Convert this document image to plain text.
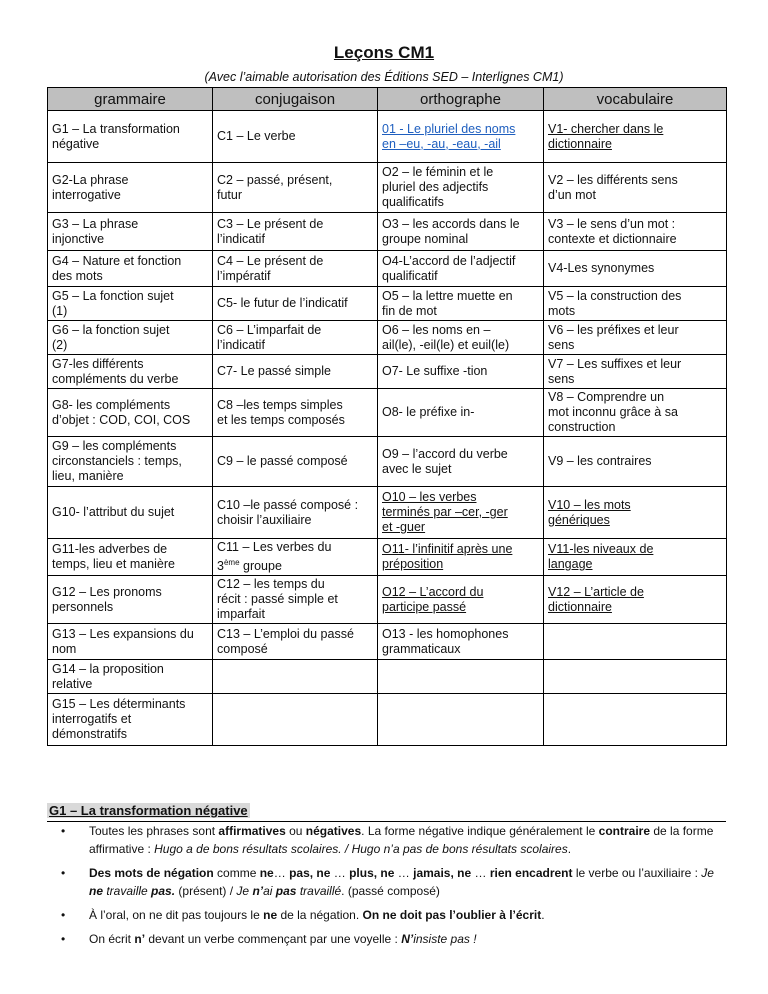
Leçons CM1
(Avec l’aimable autorisation des Éditions SED – Interlignes CM1)
grammaire	conjugaison	orthographe	vocabulaire

G1 – La transformation
négative	C1 – Le verbe	01 - Le pluriel des noms
en –eu, -au, -eau, -ail	V1- chercher dans le
dictionnaire

G2-La phrase
interrogative	C2 – passé, présent,
futur	O2 – le féminin et le
pluriel des adjectifs
qualificatifs	V2 – les différents sens
d’un mot

G3 – La phrase
injonctive	C3 – Le présent de
l’indicatif	O3 – les accords dans le
groupe nominal	V3 – le sens d’un mot :
contexte et dictionnaire

G4 – Nature et fonction
des mots	C4 – Le présent de
l’impératif	O4-L’accord de l’adjectif
qualificatif	V4-Les synonymes

G5 – La fonction sujet
(1)	C5- le futur de l’indicatif	O5 – la lettre muette en
fin de mot	V5 – la construction des
mots

G6 – la fonction sujet
(2)	C6 – L’imparfait de
l’indicatif	O6 – les noms en –
ail(le), -eil(le) et euil(le)	V6 – les préfixes et leur
sens

G7-les différents
compléments du verbe	C7- Le passé simple	O7- Le suffixe -tion	V7 – Les suffixes et leur
sens

G8- les compléments
d’objet : COD, COI, COS	C8 –les temps simples
et les temps composés	O8- le préfixe in-	V8 – Comprendre un
mot inconnu grâce à sa
construction

G9 – les compléments
circonstanciels : temps,
lieu, manière	C9 – le passé composé	O9 – l’accord du verbe
avec le sujet	V9 – les contraires

G10- l’attribut du sujet	C10 –le passé composé :
choisir l’auxiliaire	O10 – les verbes
terminés par –cer, -ger
et -guer	V10 – les mots
génériques

G11-les adverbes de
temps, lieu et manière	C11 – Les verbes du
3ème groupe	O11- l’infinitif après une
préposition	V11-les niveaux de
langage

G12 – Les pronoms
personnels	C12 – les temps du
récit : passé simple et
imparfait	O12 – L’accord du
participe passé	V12 – L’article de
dictionnaire

G13 – Les expansions du
nom	C13 – L’emploi du passé
composé	O13 - les homophones
grammaticaux	

G14 – la proposition
relative			

G15 – Les déterminants
interrogatifs et
démonstratifs			

G1 – La transformation négative
• Toutes les phrases sont affirmatives ou négatives. La forme négative indique généralement le contraire de la forme affirmative : Hugo a de bons résultats scolaires. / Hugo n’a pas de bons résultats scolaires.
• Des mots de négation comme ne… pas, ne … plus, ne … jamais, ne … rien encadrent le verbe ou l’auxiliaire : Je ne travaille pas. (présent) / Je n’ai pas travaillé. (passé composé)
• À l’oral, on ne dit pas toujours le ne de la négation. On ne doit pas l’oublier à l’écrit.
• On écrit n’ devant un verbe commençant par une voyelle : N’insiste pas !
